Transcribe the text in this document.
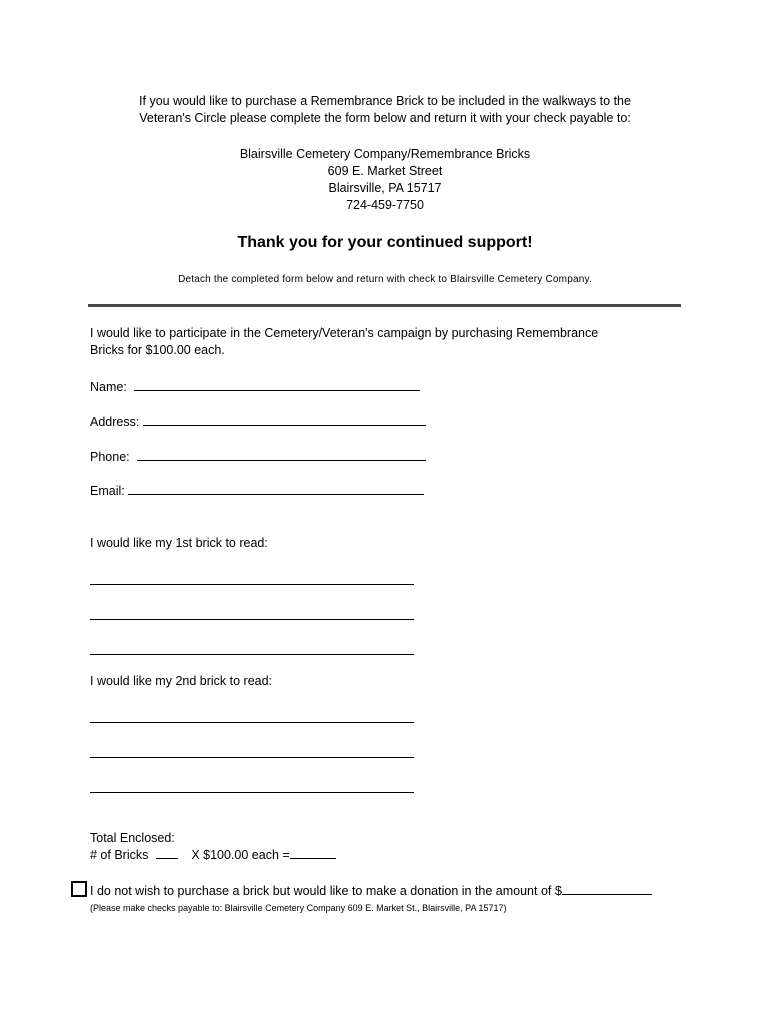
If you would like to purchase a Remembrance Brick to be included in the walkways to the
Veteran's Circle please complete the form below and return it with your check payable to:
Blairsville Cemetery Company/Remembrance Bricks
609 E. Market Street
Blairsville, PA 15717
724-459-7750
Thank you for your continued support!
Detach the completed form below and return with check to Blairsville Cemetery Company.
I would like to participate in the Cemetery/Veteran's campaign by purchasing Remembrance
Bricks for $100.00 each.
Name:
Address:
Phone:
Email:
I would like my 1st brick to read:
I would like my 2nd brick to read:
Total Enclosed:
# of Bricks	X $100.00 each =
I do not wish to purchase a brick but would like to make a donation in the amount of $
(Please make checks payable to: Blairsville Cemetery Company 609 E. Market St., Blairsville, PA 15717)
